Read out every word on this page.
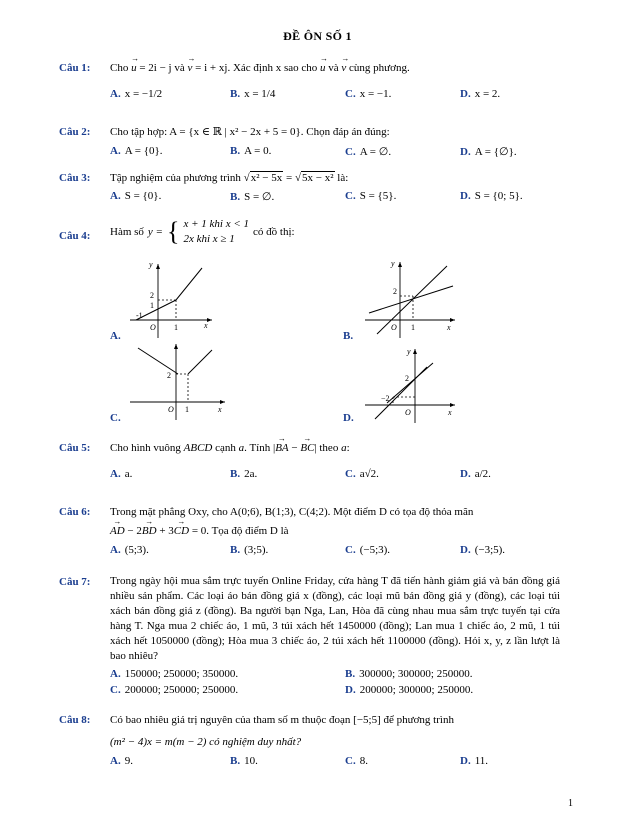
ĐỀ ÔN SỐ 1
Câu 1: Cho → u = 2i − j và → v = i + xj. Xác định x sao cho → u và → v cùng phương.
A. x = −1/2	B. x = 1/4	C. x = −1.	D. x = 2.
Câu 2: Cho tập hợp: A = {x ∈ ℝ | x² − 2x + 5 = 0}. Chọn đáp án đúng:
A. A = {0}.	B. A = 0.	C. A = ∅.	D. A = {∅}.
Câu 3: Tập nghiệm của phương trình √x² − 5x = √5x − x² là:
A. S = {0}.	B. S = ∅.	C. S = {5}.	D. S = {0; 5}.
Câu 4: Hàm số y = { x + 1 khi x < 1
2x khi x ≥ 1
có đồ thị:
A.
y
x
O 1
2
1
-1
B.
y
x
O 1
2
C.
x
O 1
2
D.
y
x
O
2
−2
Câu 5: Cho hình vuông ABCD cạnh a. Tính |→ BA − → BC| theo a:
A. a.	B. 2a.	C. a√2.	D. a/2.
Câu 6: Trong mặt phẳng Oxy, cho A(0;6), B(1;3), C(4;2). Một điểm D có tọa độ thỏa mãn
→ AD − 2→ BD + 3→ CD = 0. Tọa độ điểm D là
A. (5;3).	B. (3;5).	C. (−5;3).	D. (−3;5).
Câu 7: Trong ngày hội mua sắm trực tuyến Online Friday, cửa hàng T đã tiến hành giảm giá và bán đồng giá nhiều sản phẩm. Các loại áo bán đồng giá x (đồng), các loại mũ bán đồng giá y (đồng), các loại túi xách bán đồng giá z (đồng). Ba người bạn Nga, Lan, Hòa đã cùng nhau mua sắm trực tuyến tại cửa hàng T. Nga mua 2 chiếc áo, 1 mũ, 3 túi xách hết 1450000 (đồng); Lan mua 1 chiếc áo, 2 mũ, 1 túi xách hết 1050000 (đồng); Hòa mua 3 chiếc áo, 2 túi xách hết 1100000 (đồng). Hỏi x, y, z lần lượt là bao nhiêu?
A. 150000; 250000; 350000.	B. 300000; 300000; 250000.
C. 200000; 250000; 250000.	D. 200000; 300000; 250000.
Câu 8: Có bao nhiêu giá trị nguyên của tham số m thuộc đoạn [−5;5] để phương trình
(m² − 4)x = m(m − 2) có nghiệm duy nhất?
A. 9.	B. 10.	C. 8.	D. 11.
1
